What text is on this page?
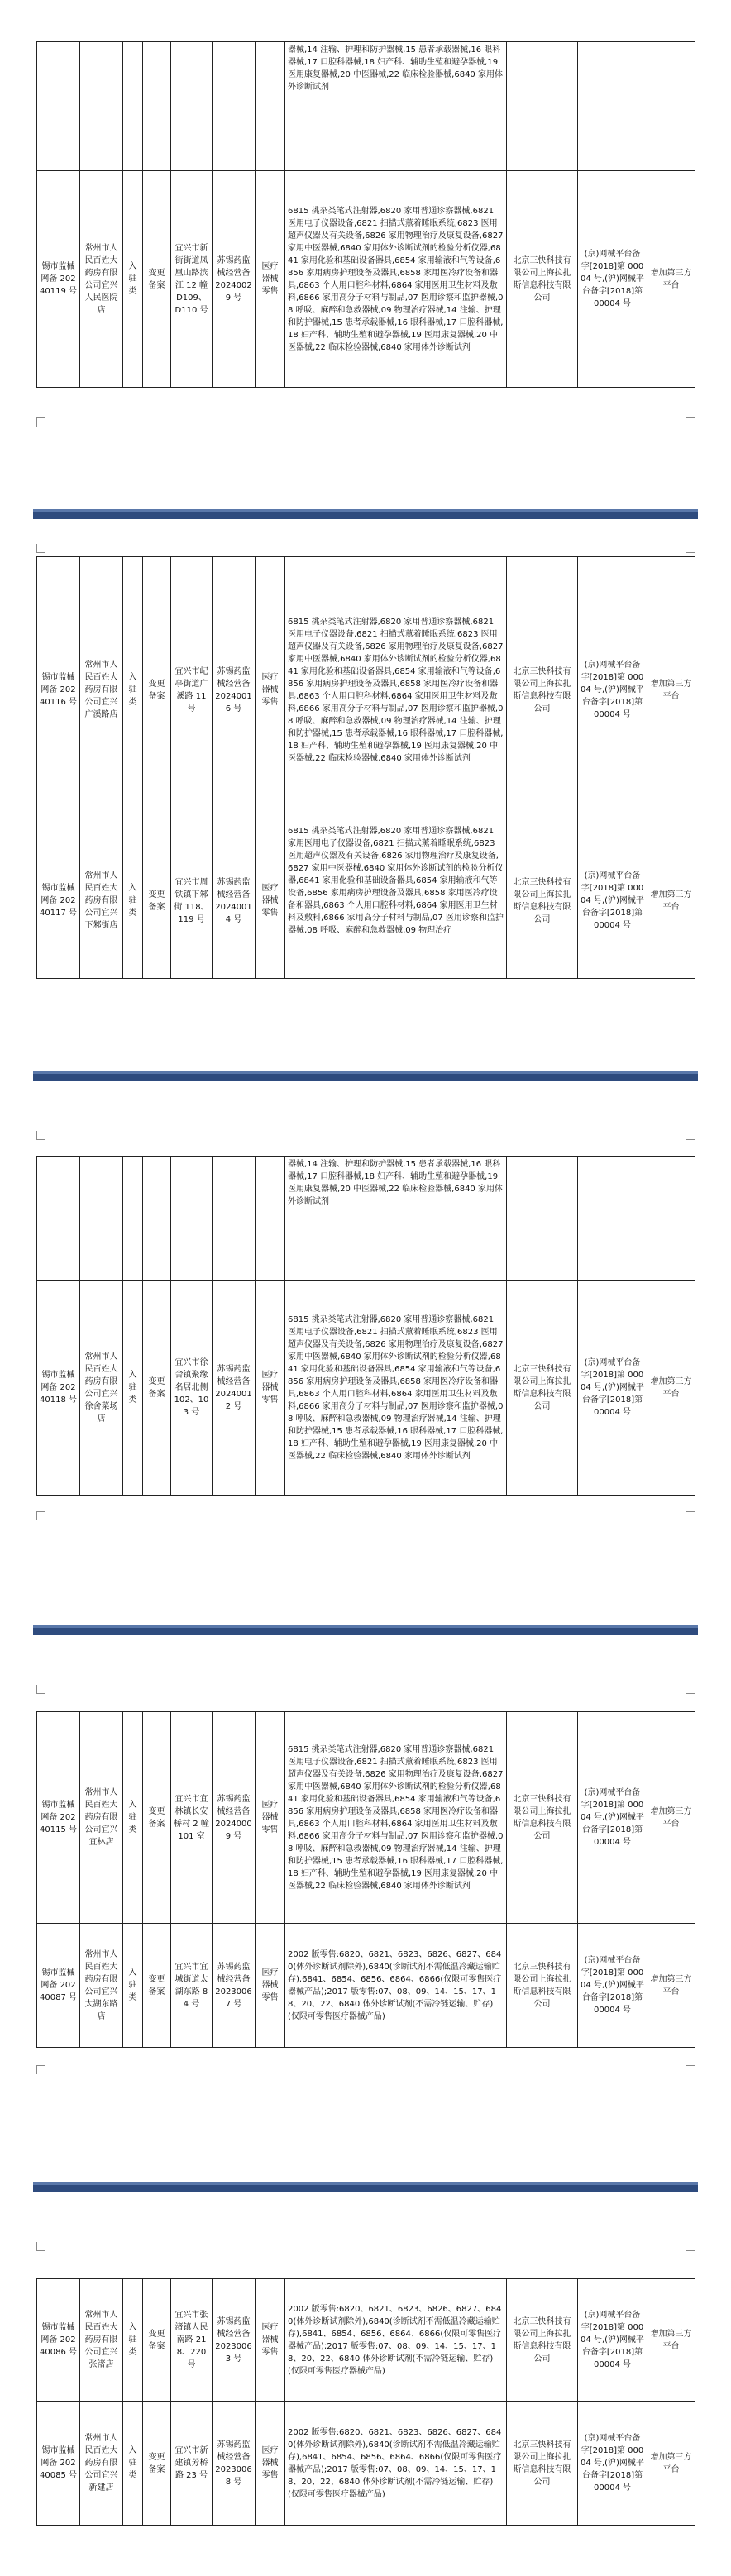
							器械,14 注输、护理和防护器械,15 患者承载器械,16 眼科器械,17 口腔科器械,18 妇产科、辅助生殖和避孕器械,19 医用康复器械,20 中医器械,22 临床检验器械,6840 家用体外诊断试剂			
锡市监械网备 20240119 号	常州市人民百姓大药房有限公司宜兴人民医院店	入驻类	变更备案	宜兴市新街街道凤凰山路滨江 12 幢 D109、D110 号	苏锡药监械经营备 20240029 号	医疗器械零售	6815 挑杂类笔式注射器,6820 家用普通诊察器械,6821 医用电子仪器设备,6821 扫描式薰着睡眠系统,6823 医用超声仪器及有关设备,6826 家用物理治疗及康复设备,6827 家用中医器械,6840 家用体外诊断试剂的检验分析仪器,6841 家用化验和基础设备器具,6854 家用输液和气等设备,6856 家用病房护理设备及器具,6858 家用医冷疗设备和器具,6863 个人用口腔科材料,6864 家用医用卫生材料及敷料,6866 家用高分子材料与制品,07 医用诊察和监护器械,08 呼吸、麻醉和急救器械,09 物理治疗器械,14 注输、护理和防护器械,15 患者承载器械,16 眼科器械,17 口腔科器械,18 妇产科、辅助生殖和避孕器械,19 医用康复器械,20 中医器械,22 临床检验器械,6840 家用体外诊断试剂	北京三快科技有限公司上海拉扎斯信息科技有限公司	(京)网械平台备字[2018]第 00004 号,(沪)网械平台备字[2018]第 00004 号	增加第三方平台
锡市监械网备 20240116 号	常州市人民百姓大药房有限公司宜兴广溪路店	入驻类	变更备案	宜兴市屺亭街道广溪路 11 号	苏锡药监械经营备 20240016 号	医疗器械零售	6815 挑杂类笔式注射器,6820 家用普通诊察器械,6821 医用电子仪器设备,6821 扫描式薰着睡眠系统,6823 医用超声仪器及有关设备,6826 家用物理治疗及康复设备,6827 家用中医器械,6840 家用体外诊断试剂的检验分析仪器,6841 家用化验和基础设备器具,6854 家用输液和气等设备,6856 家用病房护理设备及器具,6858 家用医冷疗设备和器具,6863 个人用口腔科材料,6864 家用医用卫生材料及敷料,6866 家用高分子材料与制品,07 医用诊察和监护器械,08 呼吸、麻醉和急救器械,09 物理治疗器械,14 注输、护理和防护器械,15 患者承载器械,16 眼科器械,17 口腔科器械,18 妇产科、辅助生殖和避孕器械,19 医用康复器械,20 中医器械,22 临床检验器械,6840 家用体外诊断试剂	北京三快科技有限公司上海拉扎斯信息科技有限公司	(京)网械平台备字[2018]第 00004 号,(沪)网械平台备字[2018]第 00004 号	增加第三方平台
锡市监械网备 20240117 号	常州市人民百姓大药房有限公司宜兴下邾街店	入驻类	变更备案	宜兴市周铁镇下邾街 118、119 号	苏锡药监械经营备 20240014 号	医疗器械零售	6815 挑杂类笔式注射器,6820 家用普通诊察器械,6821 家用医用电子仪器设备,6821 扫描式薰着睡眠系统,6823 医用超声仪器及有关设备,6826 家用物理治疗及康复设备,6827 家用中医器械,6840 家用体外诊断试剂的检验分析仪器,6841 家用化验和基础设备器具,6854 家用输液和气等设备,6856 家用病房护理设备及器具,6858 家用医冷疗设备和器具,6863 个人用口腔科材料,6864 家用医用卫生材料及敷料,6866 家用高分子材料与制品,07 医用诊察和监护器械,08 呼吸、麻醉和急救器械,09 物理治疗	北京三快科技有限公司上海拉扎斯信息科技有限公司	(京)网械平台备字[2018]第 00004 号,(沪)网械平台备字[2018]第 00004 号	增加第三方平台
							器械,14 注输、护理和防护器械,15 患者承载器械,16 眼科器械,17 口腔科器械,18 妇产科、辅助生殖和避孕器械,19 医用康复器械,20 中医器械,22 临床检验器械,6840 家用体外诊断试剂			
锡市监械网备 20240118 号	常州市人民百姓大药房有限公司宜兴徐舍菜场店	入驻类	变更备案	宜兴市徐舍镇聚缘名居北侧 102、103 号	苏锡药监械经营备 20240012 号	医疗器械零售	6815 挑杂类笔式注射器,6820 家用普通诊察器械,6821 医用电子仪器设备,6821 扫描式薰着睡眠系统,6823 医用超声仪器及有关设备,6826 家用物理治疗及康复设备,6827 家用中医器械,6840 家用体外诊断试剂的检验分析仪器,6841 家用化验和基础设备器具,6854 家用输液和气等设备,6856 家用病房护理设备及器具,6858 家用医冷疗设备和器具,6863 个人用口腔科材料,6864 家用医用卫生材料及敷料,6866 家用高分子材料与制品,07 医用诊察和监护器械,08 呼吸、麻醉和急救器械,09 物理治疗器械,14 注输、护理和防护器械,15 患者承载器械,16 眼科器械,17 口腔科器械,18 妇产科、辅助生殖和避孕器械,19 医用康复器械,20 中医器械,22 临床检验器械,6840 家用体外诊断试剂	北京三快科技有限公司上海拉扎斯信息科技有限公司	(京)网械平台备字[2018]第 00004 号,(沪)网械平台备字[2018]第 00004 号	增加第三方平台
锡市监械网备 20240115 号	常州市人民百姓大药房有限公司宜兴宜林店	入驻类	变更备案	宜兴市宜林镇长安桥村 2 幢 101 室	苏锡药监械经营备 20240009 号	医疗器械零售	6815 挑杂类笔式注射器,6820 家用普通诊察器械,6821 医用电子仪器设备,6821 扫描式薰着睡眠系统,6823 医用超声仪器及有关设备,6826 家用物理治疗及康复设备,6827 家用中医器械,6840 家用体外诊断试剂的检验分析仪器,6841 家用化验和基础设备器具,6854 家用输液和气等设备,6856 家用病房护理设备及器具,6858 家用医冷疗设备和器具,6863 个人用口腔科材料,6864 家用医用卫生材料及敷料,6866 家用高分子材料与制品,07 医用诊察和监护器械,08 呼吸、麻醉和急救器械,09 物理治疗器械,14 注输、护理和防护器械,15 患者承载器械,16 眼科器械,17 口腔科器械,18 妇产科、辅助生殖和避孕器械,19 医用康复器械,20 中医器械,22 临床检验器械,6840 家用体外诊断试剂	北京三快科技有限公司上海拉扎斯信息科技有限公司	(京)网械平台备字[2018]第 00004 号,(沪)网械平台备字[2018]第 00004 号	增加第三方平台
锡市监械网备 20240087 号	常州市人民百姓大药房有限公司宜兴太湖东路店	入驻类	变更备案	宜兴市宜城街道太湖东路 84 号	苏锡药监械经营备 20230067 号	医疗器械零售	2002 版零售:6820、6821、6823、6826、6827、6840(体外诊断试剂除外),6840(诊断试剂不需低温冷藏运输贮存),6841、6854、6856、6864、6866(仅限可零售医疗器械产品);2017 版零售:07、08、09、14、15、17、18、20、22、6840 体外诊断试剂(不需冷链运输、贮存)(仅限可零售医疗器械产品)	北京三快科技有限公司上海拉扎斯信息科技有限公司	(京)网械平台备字[2018]第 00004 号,(沪)网械平台备字[2018]第 00004 号	增加第三方平台
锡市监械网备 20240086 号	常州市人民百姓大药房有限公司宜兴张渚店	入驻类	变更备案	宜兴市张渚镇人民南路 218、220 号	苏锡药监械经营备 20230063 号	医疗器械零售	2002 版零售:6820、6821、6823、6826、6827、6840(体外诊断试剂除外),6840(诊断试剂不需低温冷藏运输贮存),6841、6854、6856、6864、6866(仅限可零售医疗器械产品);2017 版零售:07、08、09、14、15、17、18、20、22、6840 体外诊断试剂(不需冷链运输、贮存)(仅限可零售医疗器械产品)	北京三快科技有限公司上海拉扎斯信息科技有限公司	(京)网械平台备字[2018]第 00004 号,(沪)网械平台备字[2018]第 00004 号	增加第三方平台
锡市监械网备 20240085 号	常州市人民百姓大药房有限公司宜兴新建店	入驻类	变更备案	宜兴市新建镇芳桥路 23 号	苏锡药监械经营备 20230068 号	医疗器械零售	2002 版零售:6820、6821、6823、6826、6827、6840(体外诊断试剂除外),6840(诊断试剂不需低温冷藏运输贮存),6841、6854、6856、6864、6866(仅限可零售医疗器械产品);2017 版零售:07、08、09、14、15、17、18、20、22、6840 体外诊断试剂(不需冷链运输、贮存)(仅限可零售医疗器械产品)	北京三快科技有限公司上海拉扎斯信息科技有限公司	(京)网械平台备字[2018]第 00004 号,(沪)网械平台备字[2018]第 00004 号	增加第三方平台
